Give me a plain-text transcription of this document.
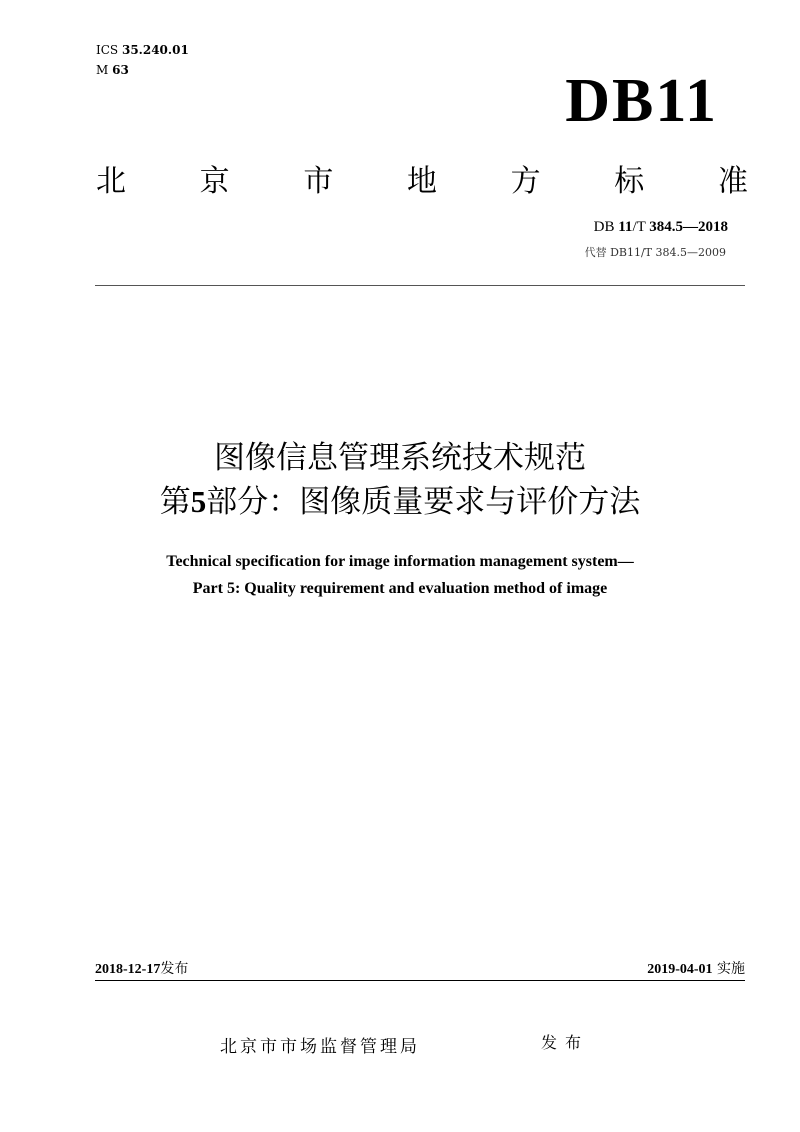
ICS 35.240.01
M 63	DB11
北 京 市 地 方 标 准
DB 11/T 384.5—2018
代替 DB11/T 384.5—2009
图像信息管理系统技术规范
第5部分：图像质量要求与评价方法
Technical specification for image information management system—
Part 5: Quality requirement and evaluation method of image
2018-12-17发布	2019-04-01 实施
北京市市场监督管理局	发布
